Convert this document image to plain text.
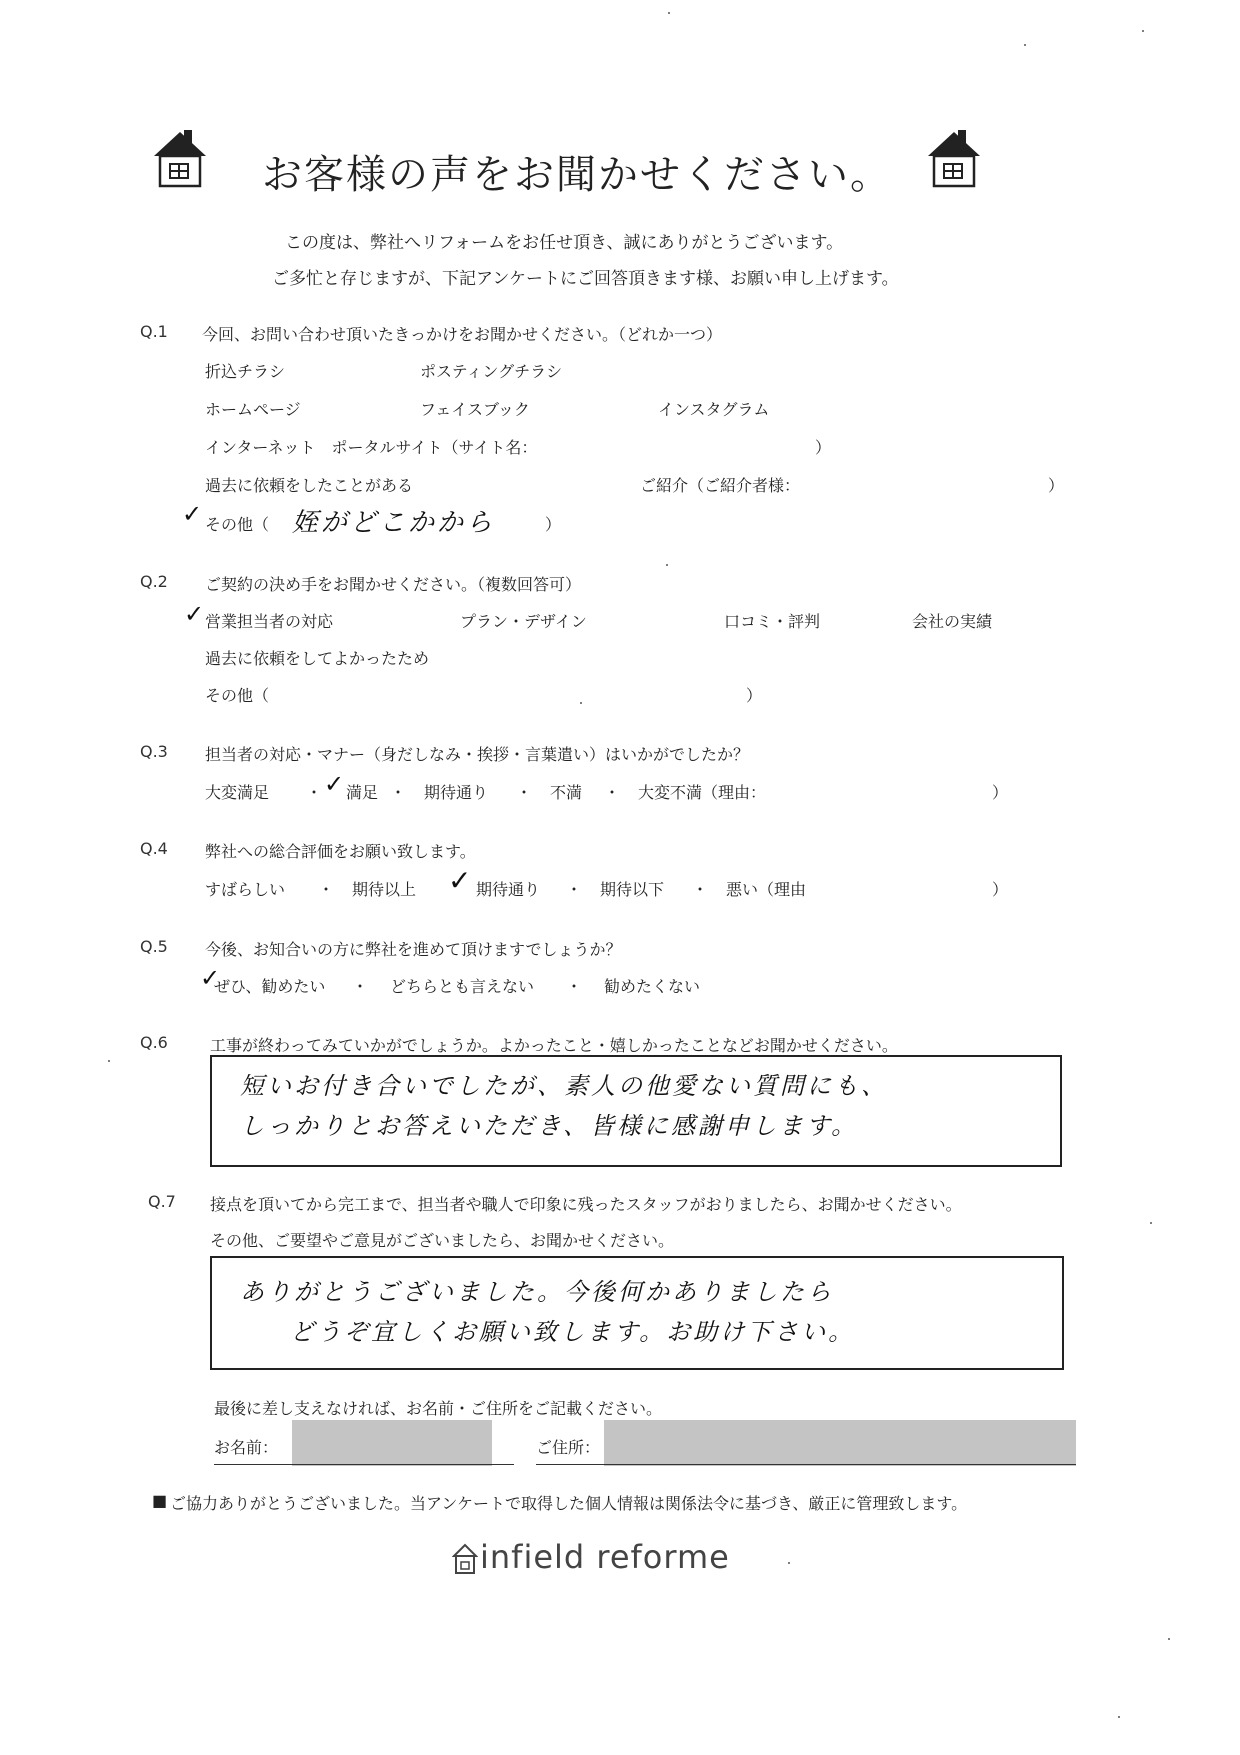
お客様の声をお聞かせください。
この度は、弊社へリフォームをお任せ頂き、誠にありがとうございます。
ご多忙と存じますが、下記アンケートにご回答頂きます様、お願い申し上げます。
Q.1 今回、お問い合わせ頂いたきっかけをお聞かせください。（どれか一つ）
折込チラシ	ポスティングチラシ
ホームページ	フェイスブック	インスタグラム
インターネット　ポータルサイト（サイト名：	）
過去に依頼をしたことがある	ご紹介（ご紹介者様：	）
✓ その他（ 姪がどこかから	）
Q.2 ご契約の決め手をお聞かせください。（複数回答可）
✓ 営業担当者の対応	プラン・デザイン	口コミ・評判	会社の実績
過去に依頼をしてよかったため
その他（	）
Q.3 担当者の対応・マナー（身だしなみ・挨拶・言葉遣い）はいかがでしたか？
大変満足 ・ ✓ 満足 ・ 期待通り ・ 不満 ・ 大変不満（理由：	）
Q.4 弊社への総合評価をお願い致します。
すばらしい ・ 期待以上 ✓ 期待通り ・ 期待以下 ・ 悪い（理由	）
Q.5 今後、お知合いの方に弊社を進めて頂けますでしょうか？
✓
ぜひ、勧めたい ・ どちらとも言えない ・ 勧めたくない
Q.6	工事が終わってみていかがでしょうか。よかったこと・嬉しかったことなどお聞かせください。
短いお付き合いでしたが、素人の他愛ない質問にも、
しっかりとお答えいただき、皆様に感謝申します。
Q.7 接点を頂いてから完工まで、担当者や職人で印象に残ったスタッフがおりましたら、お聞かせください。
その他、ご要望やご意見がございましたら、お聞かせください。
ありがとうございました。今後何かありましたら
どうぞ宜しくお願い致します。お助け下さい。
最後に差し支えなければ、お名前・ご住所をご記載ください。
お名前：	ご住所：
■ ご協力ありがとうございました。当アンケートで取得した個人情報は関係法令に基づき、厳正に管理致します。
infield reforme
